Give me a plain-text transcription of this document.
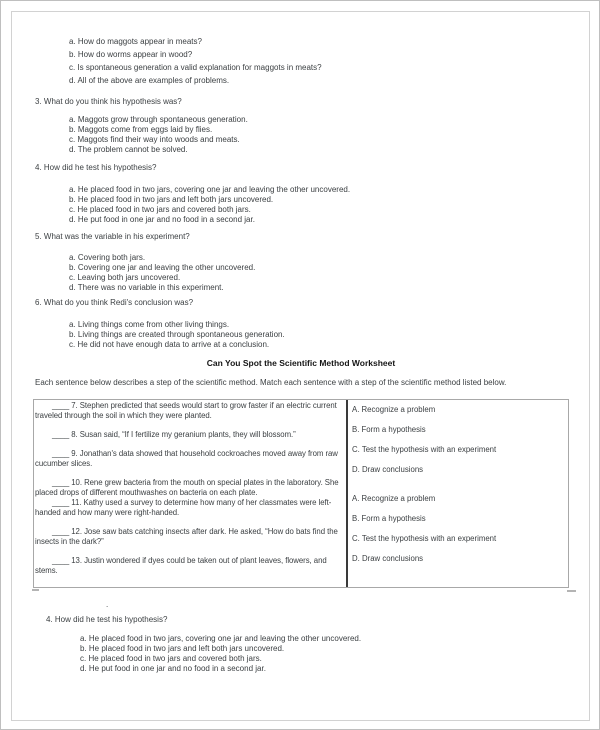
a. How do maggots appear in meats?
b. How do worms appear in wood?
c. Is spontaneous generation a valid explanation for maggots in meats?
d. All of the above are examples of problems.
3. What do you think his hypothesis was?
a. Maggots grow through spontaneous generation.
b. Maggots come from eggs laid by flies.
c. Maggots find their way into woods and meats.
d. The problem cannot be solved.
4. How did he test his hypothesis?
a. He placed food in two jars, covering one jar and leaving the other uncovered.
b. He placed food in two jars and left both jars uncovered.
c. He placed food in two jars and covered both jars.
d. He put food in one jar and no food in a second jar.
5. What was the variable in his experiment?
a. Covering both jars.
b. Covering one jar and leaving the other uncovered.
c. Leaving both jars uncovered.
d. There was no variable in this experiment.
6. What do you think Redi's conclusion was?
a. Living things come from other living things.
b. Living things are created through spontaneous generation.
c. He did not have enough data to arrive at a conclusion.
Can You Spot the Scientific Method Worksheet
Each sentence below describes a step of the scientific method. Match each sentence with a step of the scientific method listed below.

____ 7. Stephen predicted that seeds would start to grow faster if an electric current traveled through the soil in which they were planted.

____ 8. Susan said, “If I fertilize my geranium plants, they will blossom.”

____ 9. Jonathan's data showed that household cockroaches moved away from raw cucumber slices.

____ 10. Rene grew bacteria from the mouth on special plates in the laboratory. She placed drops of different mouthwashes on bacteria on each plate.

____ 11. Kathy used a survey to determine how many of her classmates were left-handed and how many were right-handed.

____ 12. Jose saw bats catching insects after dark. He asked, “How do bats find the insects in the dark?”

____ 13. Justin wondered if dyes could be taken out of plant leaves, flowers, and stems.

A. Recognize a problem

B. Form a hypothesis

C. Test the hypothesis with an experiment

D. Draw conclusions

A. Recognize a problem

B. Form a hypothesis

C. Test the hypothesis with an experiment

D. Draw conclusions

.
4. How did he test his hypothesis?
a. He placed food in two jars, covering one jar and leaving the other uncovered.
b. He placed food in two jars and left both jars uncovered.
c. He placed food in two jars and covered both jars.
d. He put food in one jar and no food in a second jar.
